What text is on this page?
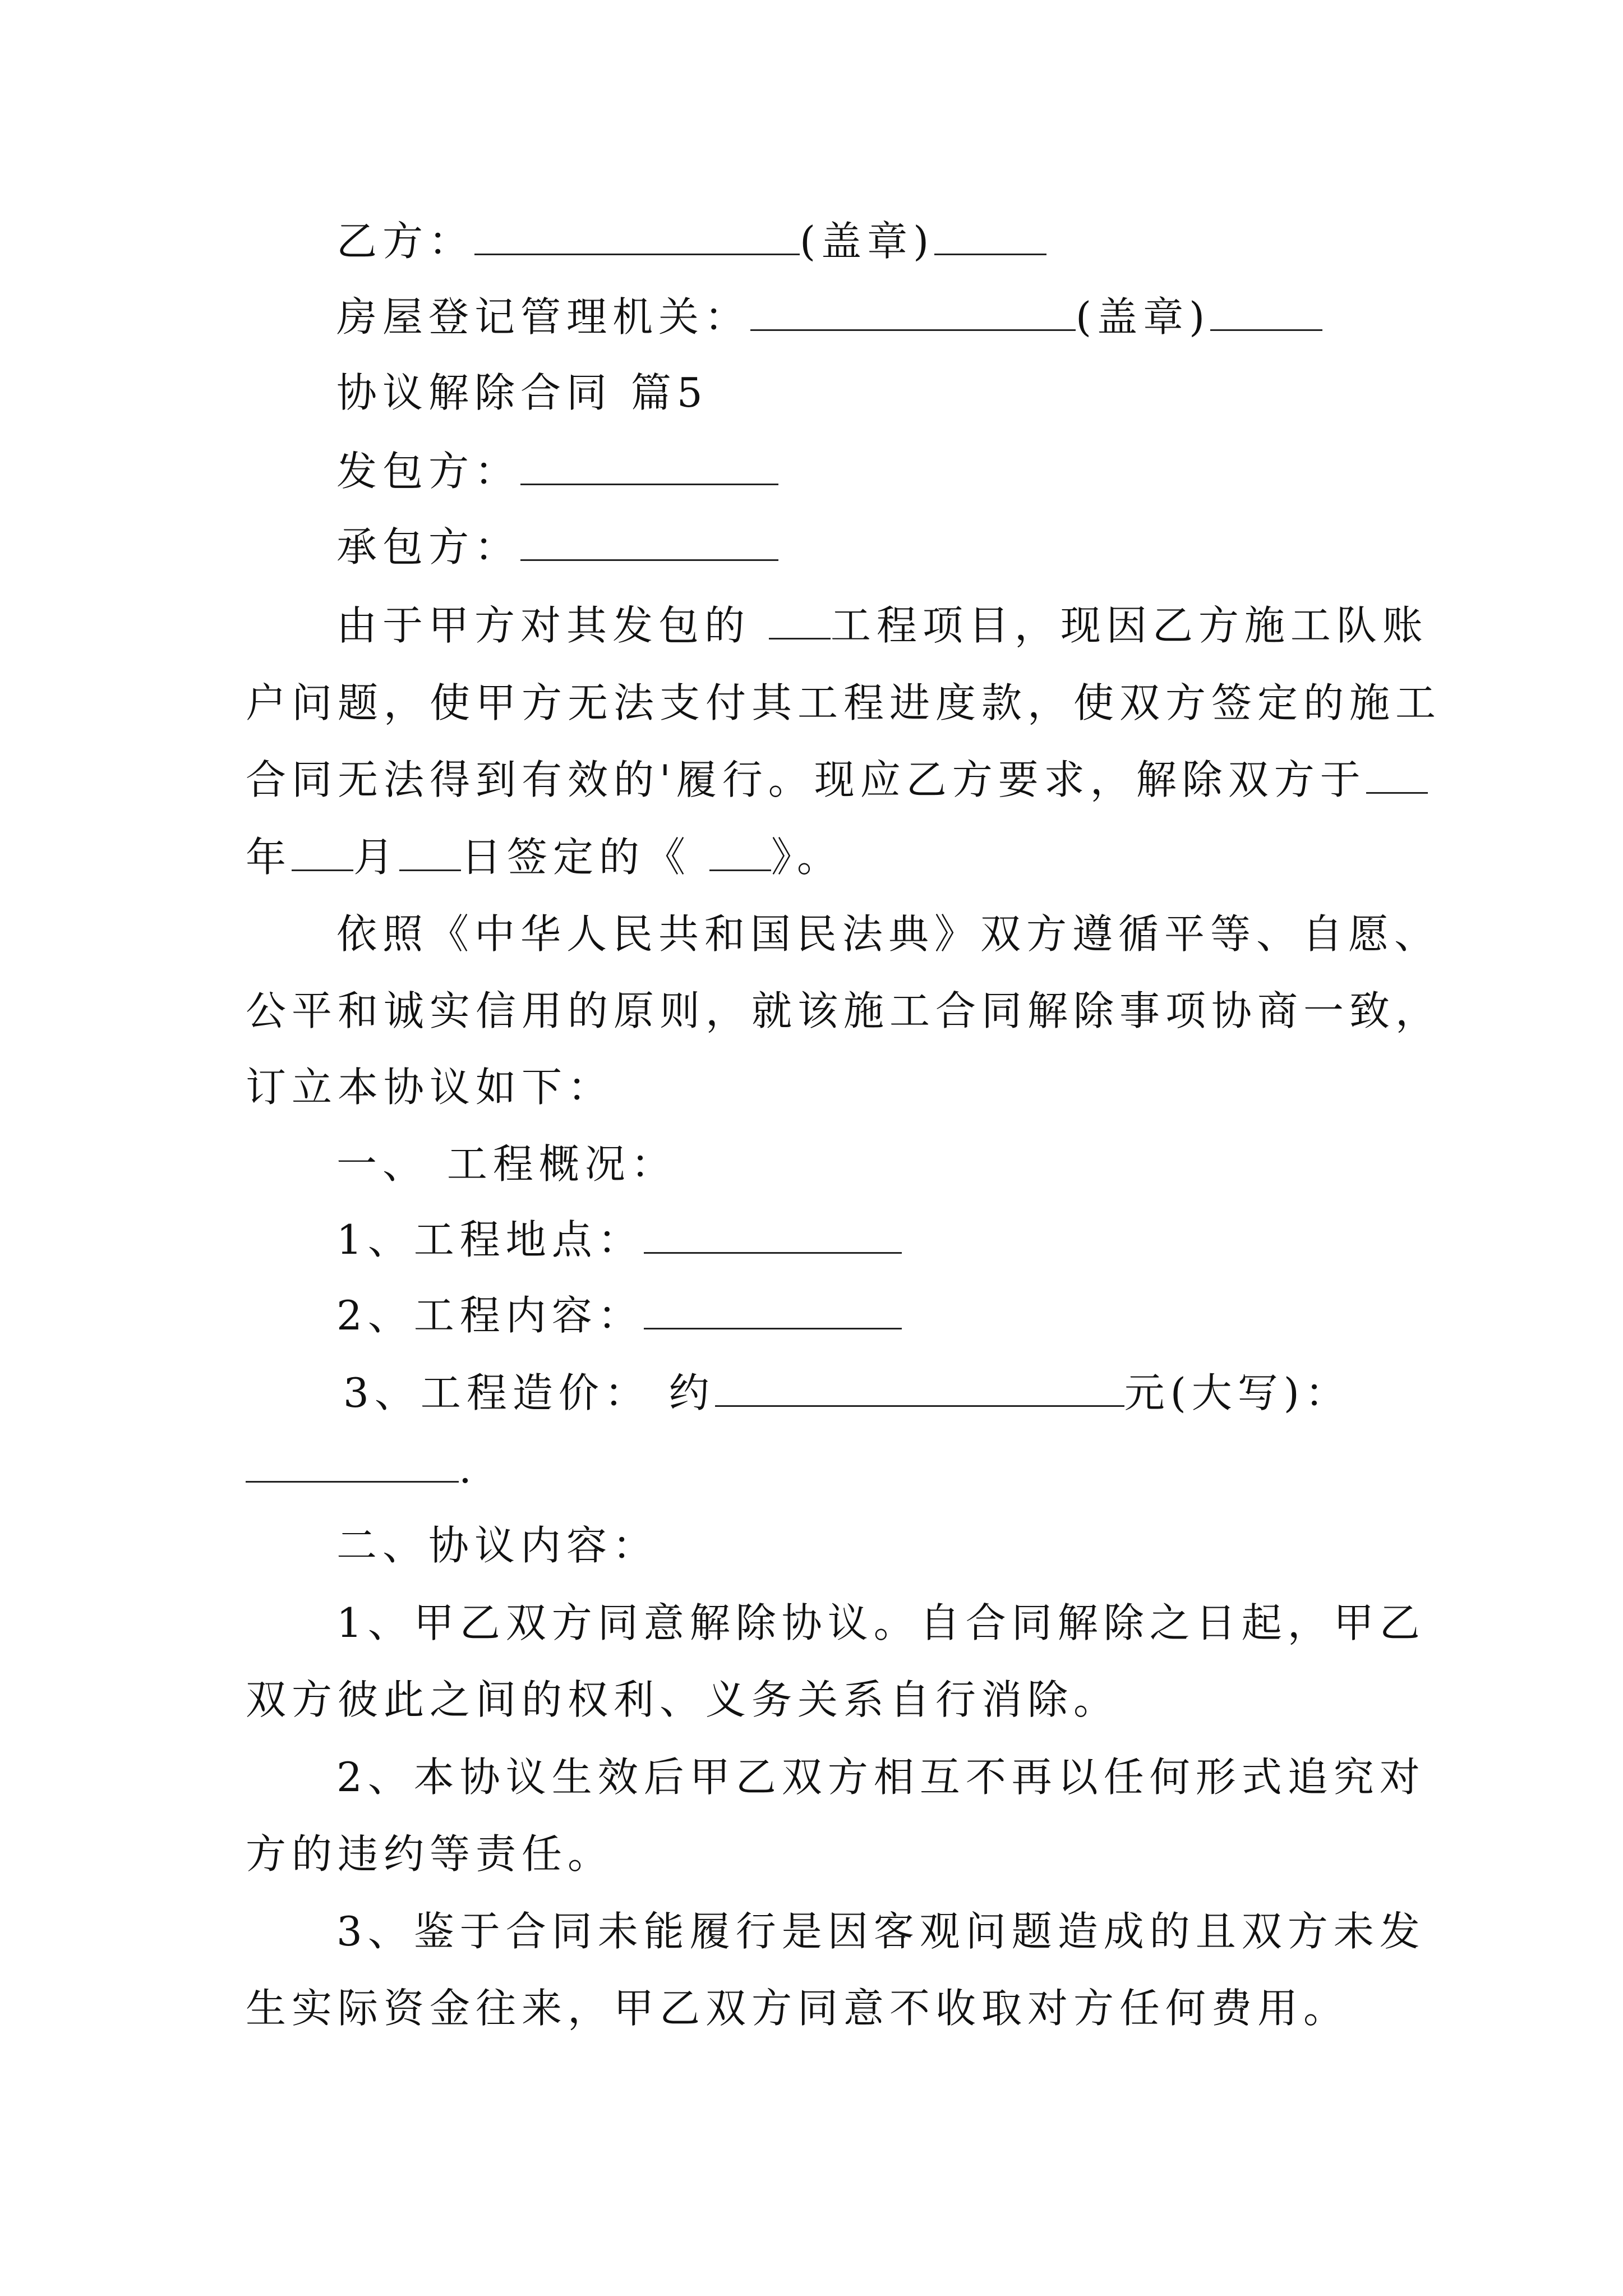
乙方：	(盖章)
房屋登记管理机关：	(盖章)
协议解除合同 篇5
发包方：
承包方：
由于甲方对其发包的 工程项目，现因乙方施工队账
户问题，使甲方无法支付其工程进度款，使双方签定的施工
合同无法得到有效的'履行。现应乙方要求，解除双方于
年 月 日签定的《 》。
依照《中华人民共和国民法典》双方遵循平等、自愿、
公平和诚实信用的原则，就该施工合同解除事项协商一致，
订立本协议如下：
一、 工程概况：
1、工程地点：
2、工程内容：
3、工程造价： 约	元(大写)：
.
二、协议内容：
1、甲乙双方同意解除协议。自合同解除之日起，甲乙
双方彼此之间的权利、义务关系自行消除。
2、本协议生效后甲乙双方相互不再以任何形式追究对
方的违约等责任。
3、鉴于合同未能履行是因客观问题造成的且双方未发
生实际资金往来，甲乙双方同意不收取对方任何费用。
